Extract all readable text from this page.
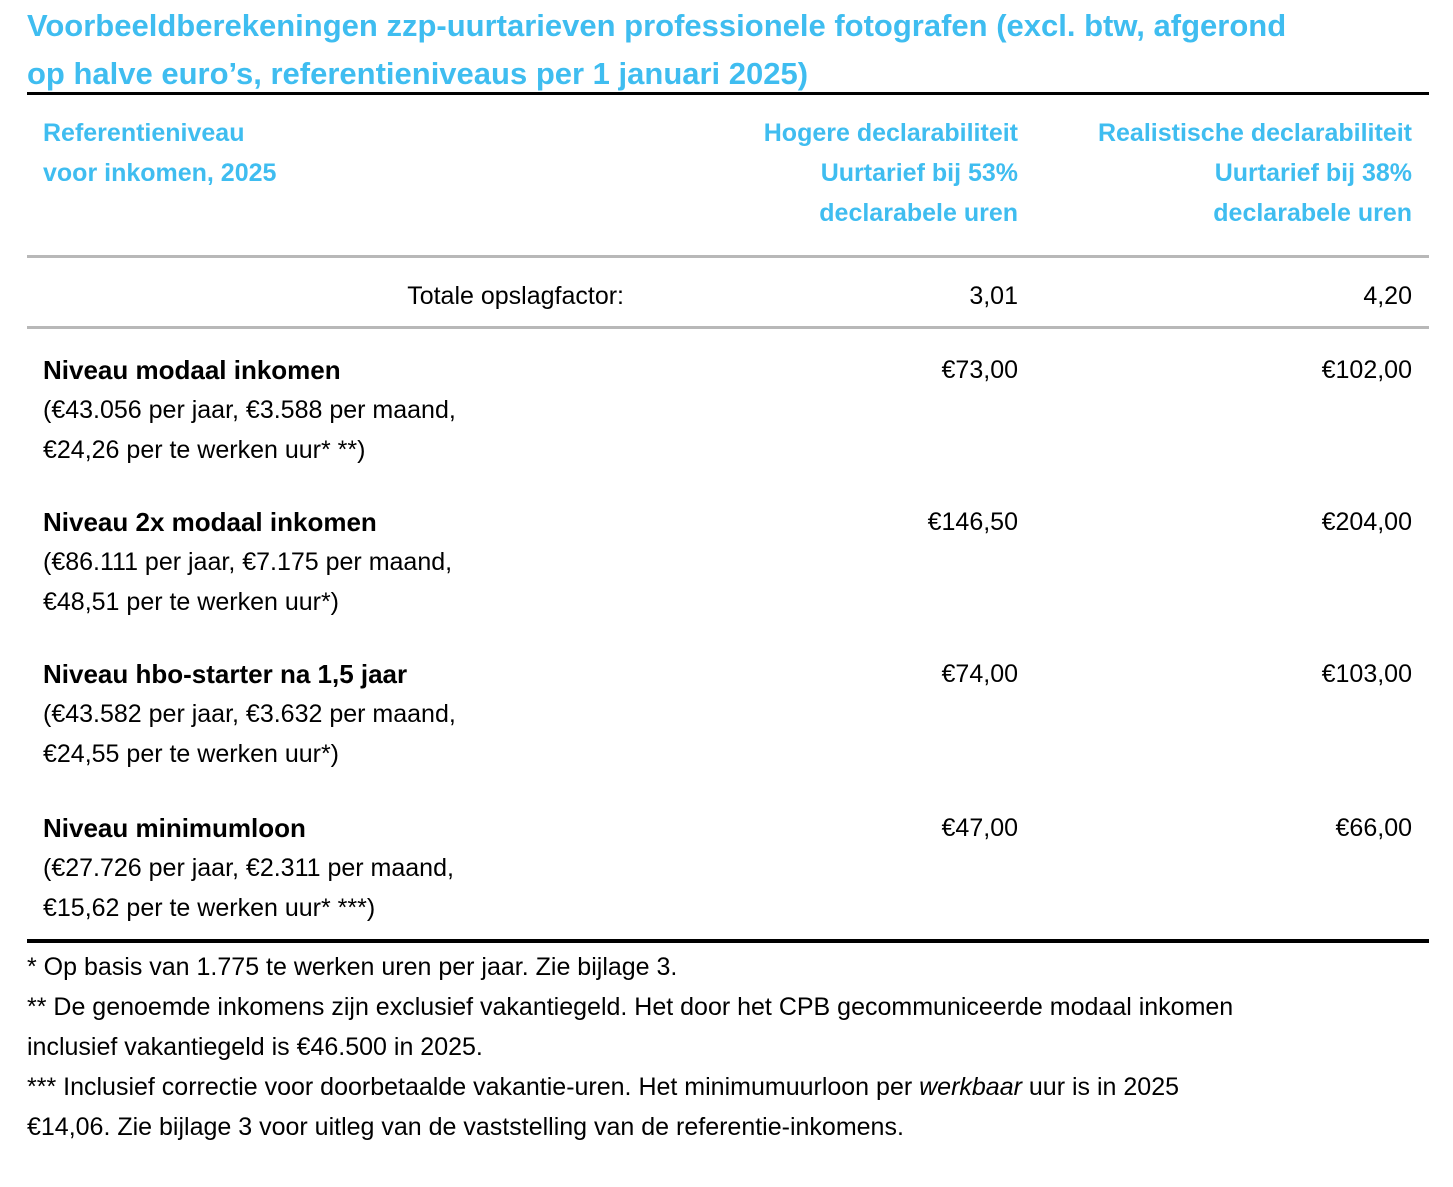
Voorbeeldberekeningen zzp-uurtarieven professionele fotografen (excl. btw, afgerond
op halve euro’s, referentieniveaus per 1 januari 2025)
Referentieniveau
voor inkomen, 2025
Hogere declarabiliteit
Uurtarief bij 53%
declarabele uren
Realistische declarabiliteit
Uurtarief bij 38%
declarabele uren
Totale opslagfactor:	3,01	4,20
Niveau modaal inkomen
(€43.056 per jaar, €3.588 per maand,
€24,26 per te werken uur* **)
€73,00	€102,00
Niveau 2x modaal inkomen
(€86.111 per jaar, €7.175 per maand,
€48,51 per te werken uur*)
€146,50	€204,00
Niveau hbo-starter na 1,5 jaar
(€43.582 per jaar, €3.632 per maand,
€24,55 per te werken uur*)
€74,00	€103,00
Niveau minimumloon
(€27.726 per jaar, €2.311 per maand,
€15,62 per te werken uur* ***)
€47,00	€66,00
* Op basis van 1.775 te werken uren per jaar. Zie bijlage 3.
** De genoemde inkomens zijn exclusief vakantiegeld. Het door het CPB gecommuniceerde modaal inkomen
inclusief vakantiegeld is €46.500 in 2025.
*** Inclusief correctie voor doorbetaalde vakantie-uren. Het minimumuurloon per werkbaar uur is in 2025
€14,06. Zie bijlage 3 voor uitleg van de vaststelling van de referentie-inkomens.
